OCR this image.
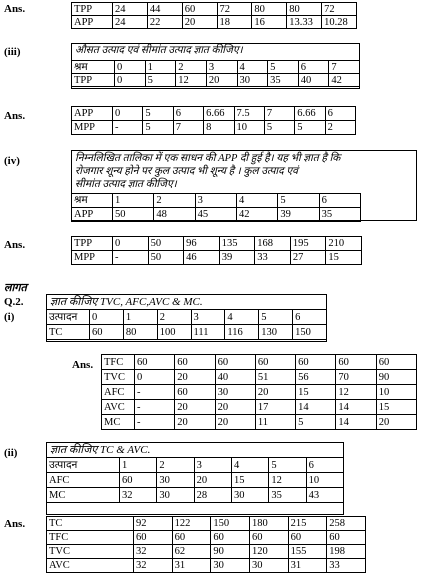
Ans.	TPP	24	44	60	72	80	80	72
APP	24	22	20	18	16	13.33	10.28
(iii)	औसत उत्पाद एवं सीमांत उत्पाद ज्ञात कीजिए।
श्रम	0	1	2	3	4	5	6	7
TPP	0	5	12	20	30	35	40	42
Ans.	APP	0	5	6	6.66	7.5	7	6.66	6
MPP	-	5	7	8	10	5	5	2
(iv)	निम्नलिखित तालिका में एक साधन की APP दी हुई है। यह भी ज्ञात है कि
रोजगार शून्य होने पर कुल उत्पाद भी शून्य है । कुल उत्पाद एवं
सीमांत उत्पाद ज्ञात कीजिए।
श्रम	1	2	3	4	5	6
APP	50	48	45	42	39	35
Ans.	TPP	0	50	96	135	168	195	210
MPP	-	50	46	39	33	27	15
लागत
Q.2.
(i)
ज्ञात कीजिए TVC, AFC,AVC & MC.
उत्पादन	0	1	2	3	4	5	6
TC	60	80	100	111	116	130	150
Ans. TFC	60	60	60	60	60	60	60
TVC	0	20	40	51	56	70	90
AFC	-	60	30	20	15	12	10
AVC	-	20	20	17	14	14	15
MC	-	20	20	11	5	14	20
(ii)	ज्ञात कीजिए TC & AVC.
उत्पादन	1	2	3	4	5	6
AFC	60	30	20	15	12	10
MC	32	30	28	30	35	43
Ans. TC	92	122	150	180	215	258
TFC	60	60	60	60	60	60
TVC	32	62	90	120	155	198
AVC	32	31	30	30	31	33
